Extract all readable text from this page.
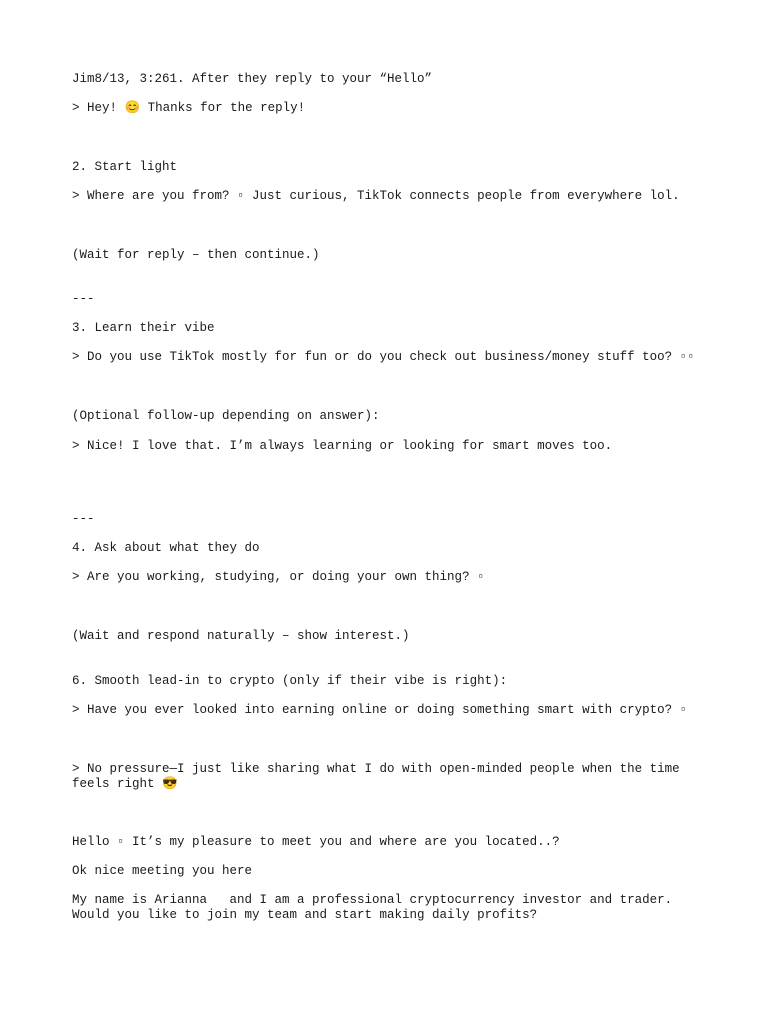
Jim8/13, 3:261. After they reply to your “Hello”

> Hey! 😊 Thanks for the reply!

2. Start light

> Where are you from? ▫ Just curious, TikTok connects people from everywhere lol.

(Wait for reply – then continue.)

---

3. Learn their vibe

> Do you use TikTok mostly for fun or do you check out business/money stuff too? ▫▫

(Optional follow-up depending on answer):

> Nice! I love that. I’m always learning or looking for smart moves too.

---

4. Ask about what they do

> Are you working, studying, or doing your own thing? ▫

(Wait and respond naturally – show interest.)

6. Smooth lead-in to crypto (only if their vibe is right):

> Have you ever looked into earning online or doing something smart with crypto? ▫

> No pressure—I just like sharing what I do with open-minded people when the time feels right 😎

Hello ▫ It’s my pleasure to meet you and where are you located..?

Ok nice meeting you here

My name is Arianna   and I am a professional cryptocurrency investor and trader. Would you like to join my team and start making daily profits?
